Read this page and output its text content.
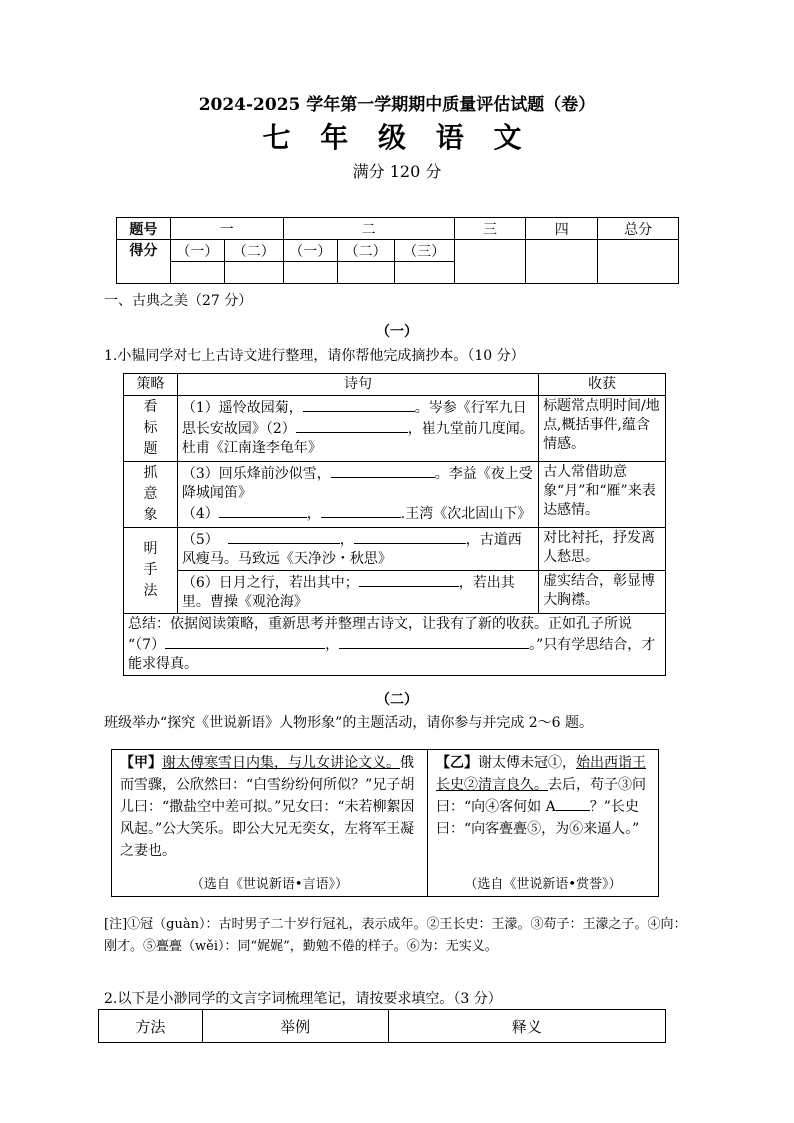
2024-2025 学年第一学期期中质量评估试题（卷）
七 年 级 语 文
满分 120 分
题号	一		二			三	四	总分
得分	（一）	（二）	（一）	（二）	（三）			

一、古典之美（27 分）
（一）
1.小韫同学对七上古诗文进行整理，请你帮他完成摘抄本。（10 分）
策略	诗句	收获

看标题	（1）遥怜故园菊， 。岑参《行军九日思长安故园》（2） ，崔九堂前几度闻。杜甫《江南逢李龟年》	标题常点明时间/地点,概括事件,蕴含情感。

抓意象	（3）回乐烽前沙似雪， 。李益《夜上受降城闻笛》
（4） ， .王湾《次北固山下》	古人常借助意象“月”和“雁”来表达感情。

明手法	（5） ， ，古道西风瘦马。马致远《天净沙・秋思》	对比衬托，抒发离人愁思。
	（6）日月之行，若出其中； ，若出其里。曹操《观沧海》	虚实结合，彰显博大胸襟。
总结：依据阅读策略，重新思考并整理古诗文，让我有了新的收获。正如孔子所说 “（7） ， 。”只有学思结合，才能求得真。		
（二）
班级举办“探究《世说新语》人物形象”的主题活动，请你参与并完成 2～6 题。
【甲】谢太傅寒雪日内集，与儿女讲论文义。俄而雪骤，公欣然曰：“白雪纷纷何所似？”兄子胡儿曰：“撒盐空中差可拟。”兄女曰：“未若柳絮因风起。”公大笑乐。即公大兄无奕女，左将军王凝之妻也。
（选自《世说新语•言语》）
【乙】谢太傅未冠①，始出西诣王长史②清言良久。去后，苟子③问曰：“向④客何如 A ？”长史曰：“向客亹亹⑤，为⑥来逼人。”
（选自《世说新语•赏誉》）
[注]①冠（guàn）：古时男子二十岁行冠礼，表示成年。②王长史：王濛。③苟子：王濛之子。④向：刚才。⑤亹亹（wěi）：同“娓娓”，勤勉不倦的样子。⑥为：无实义。
2.以下是小渺同学的文言字词梳理笔记，请按要求填空。（3 分）
方法	举例	释义
